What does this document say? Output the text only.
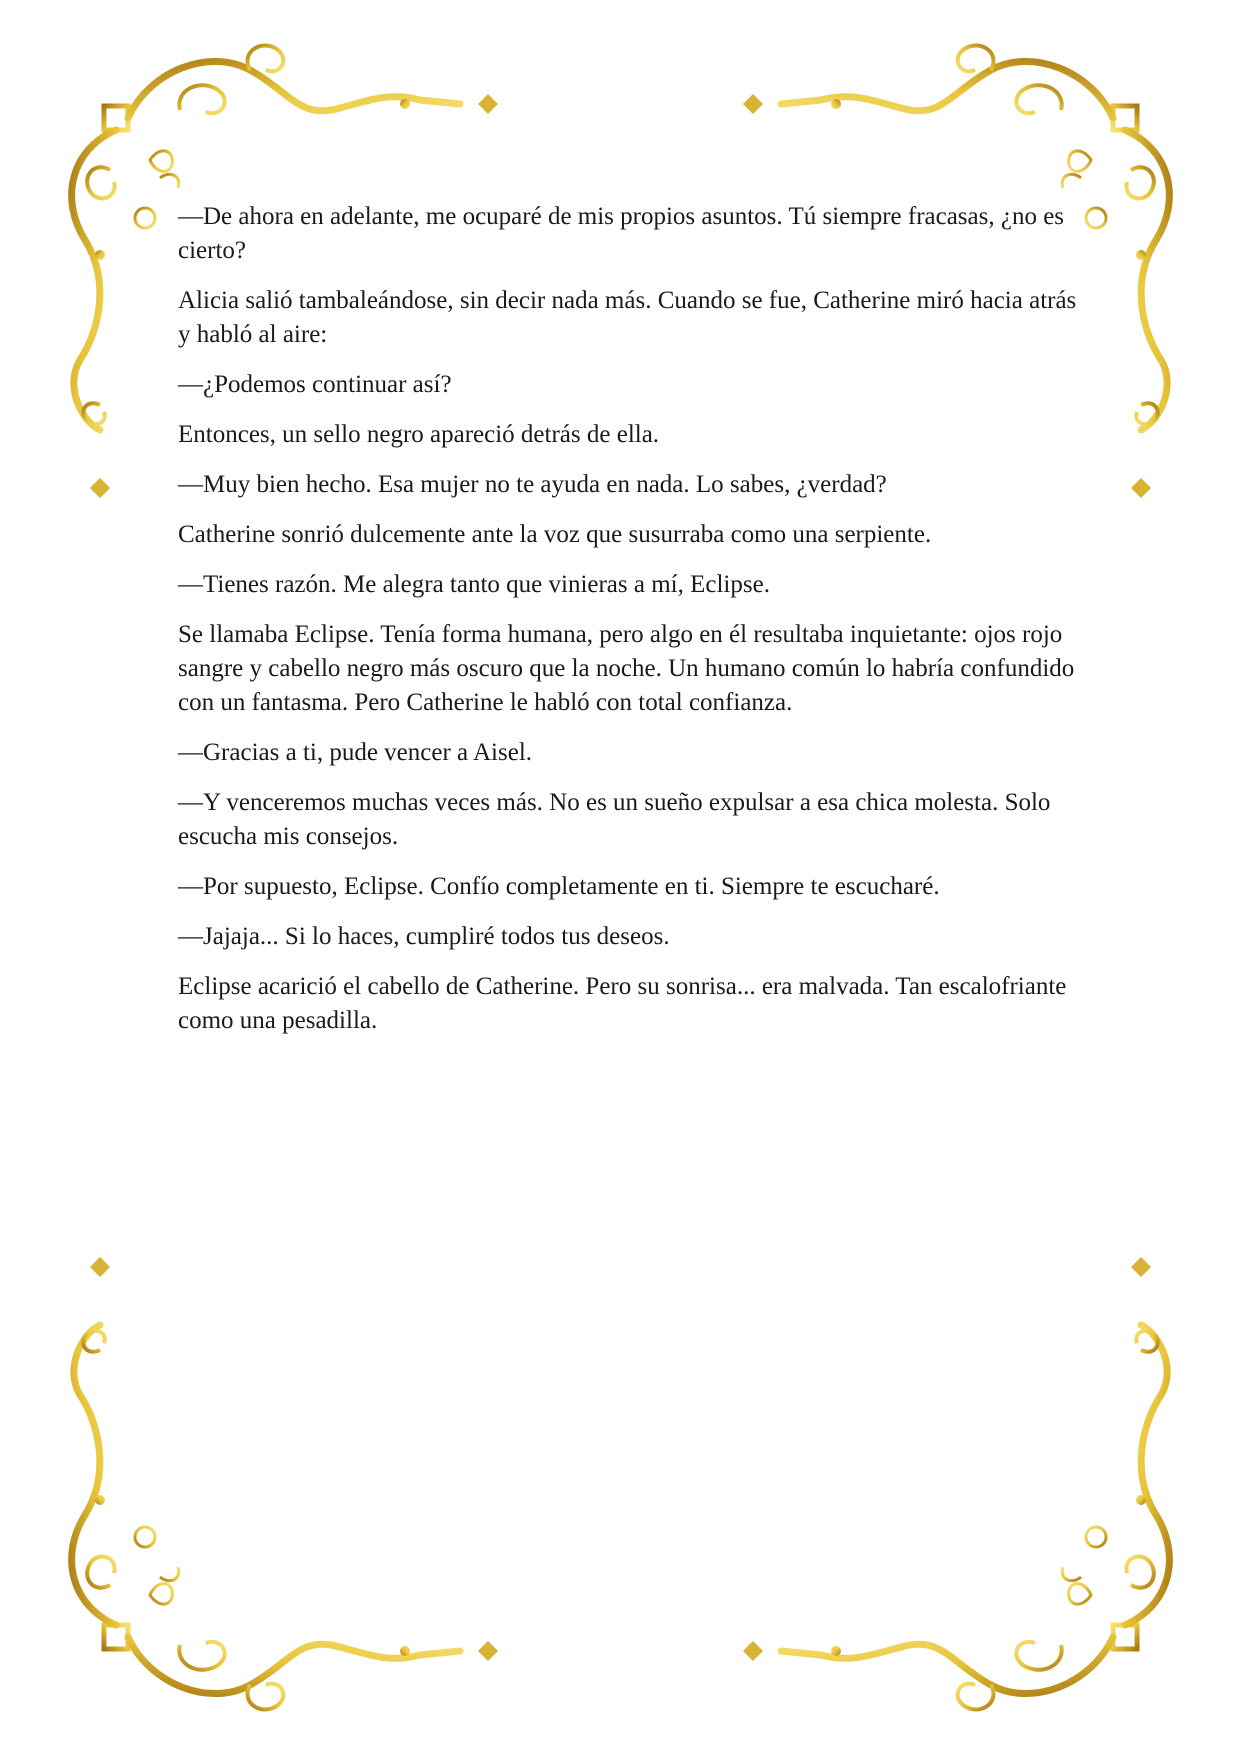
—De ahora en adelante, me ocuparé de mis propios asuntos. Tú siempre fracasas, ¿no es cierto?

Alicia salió tambaleándose, sin decir nada más. Cuando se fue, Catherine miró hacia atrás y habló al aire:

—¿Podemos continuar así?

Entonces, un sello negro apareció detrás de ella.

—Muy bien hecho. Esa mujer no te ayuda en nada. Lo sabes, ¿verdad?

Catherine sonrió dulcemente ante la voz que susurraba como una serpiente.

—Tienes razón. Me alegra tanto que vinieras a mí, Eclipse.

Se llamaba Eclipse. Tenía forma humana, pero algo en él resultaba inquietante: ojos rojo sangre y cabello negro más oscuro que la noche. Un humano común lo habría confundido con un fantasma. Pero Catherine le habló con total confianza.

—Gracias a ti, pude vencer a Aisel.

—Y venceremos muchas veces más. No es un sueño expulsar a esa chica molesta. Solo escucha mis consejos.

—Por supuesto, Eclipse. Confío completamente en ti. Siempre te escucharé.

—Jajaja... Si lo haces, cumpliré todos tus deseos.

Eclipse acarició el cabello de Catherine. Pero su sonrisa... era malvada. Tan escalofriante como una pesadilla.
